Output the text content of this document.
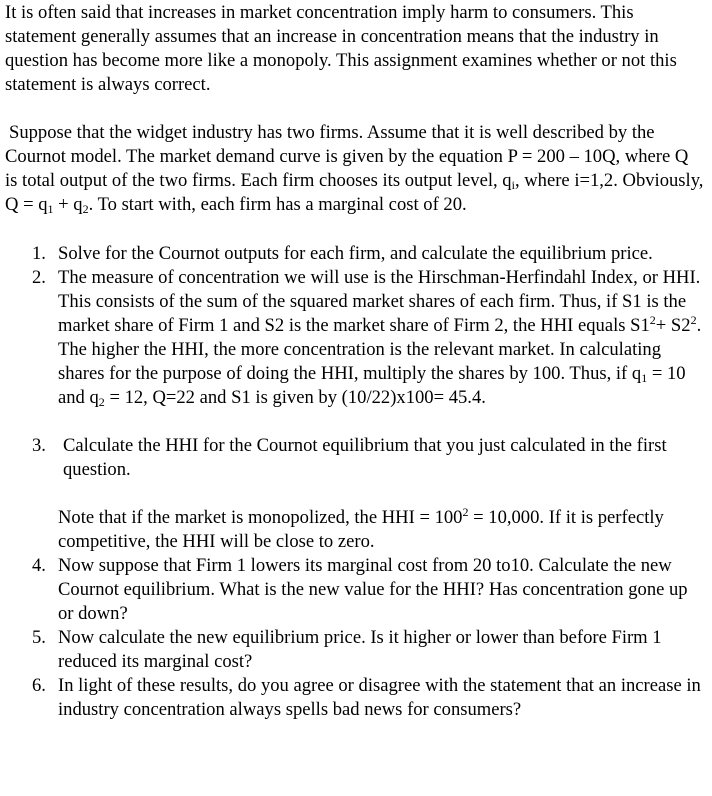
It is often said that increases in market concentration imply harm to consumers. This statement generally assumes that an increase in concentration means that the industry in question has become more like a monopoly. This assignment examines whether or not this statement is always correct.

Suppose that the widget industry has two firms. Assume that it is well described by the Cournot model. The market demand curve is given by the equation P = 200 – 10Q, where Q is total output of the two firms. Each firm chooses its output level, $q_i$, where i=1,2. Obviously, $Q = q_1 + q_2$. To start with, each firm has a marginal cost of 20.

1. Solve for the Cournot outputs for each firm, and calculate the equilibrium price.
2. The measure of concentration we will use is the Hirschman-Herfindahl Index, or HHI. This consists of the sum of the squared market shares of each firm. Thus, if S1 is the market share of Firm 1 and S2 is the market share of Firm 2, the HHI equals $S1^2+ S2^2$. The higher the HHI, the more concentration is the relevant market. In calculating shares for the purpose of doing the HHI, multiply the shares by 100. Thus, if $q_1 = 10$ and $q_2 = 12$, Q=22 and S1 is given by (10/22)x100= 45.4.
3. Calculate the HHI for the Cournot equilibrium that you just calculated in the first question.

Note that if the market is monopolized, the HHI = $100^2 = 10,000$. If it is perfectly competitive, the HHI will be close to zero.

4. Now suppose that Firm 1 lowers its marginal cost from 20 to10. Calculate the new Cournot equilibrium. What is the new value for the HHI? Has concentration gone up or down?
5. Now calculate the new equilibrium price. Is it higher or lower than before Firm 1 reduced its marginal cost?
6. In light of these results, do you agree or disagree with the statement that an increase in industry concentration always spells bad news for consumers?
